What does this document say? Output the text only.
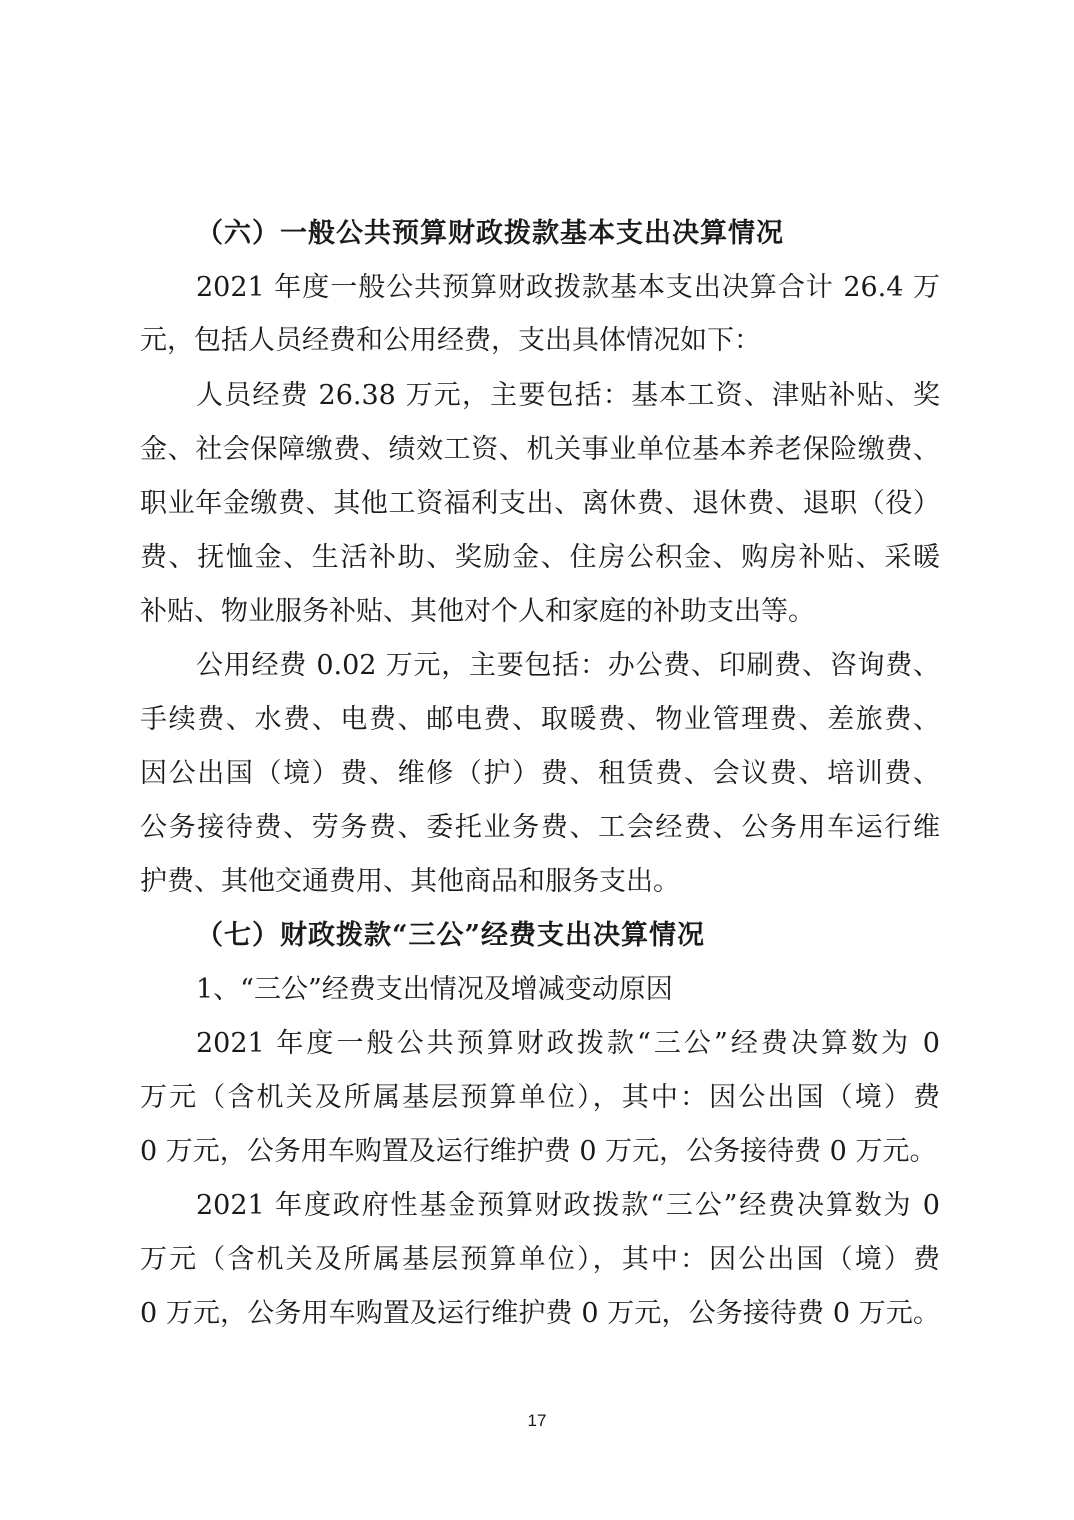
（六）一般公共预算财政拨款基本支出决算情况
2021 年度一般公共预算财政拨款基本支出决算合计 26.4 万
元，包括人员经费和公用经费，支出具体情况如下：
人员经费 26.38 万元，主要包括：基本工资、津贴补贴、奖
金、社会保障缴费、绩效工资、机关事业单位基本养老保险缴费、
职业年金缴费、其他工资福利支出、离休费、退休费、退职（役）
费、抚恤金、生活补助、奖励金、住房公积金、购房补贴、采暖
补贴、物业服务补贴、其他对个人和家庭的补助支出等。
公用经费 0.02 万元，主要包括：办公费、印刷费、咨询费、
手续费、水费、电费、邮电费、取暖费、物业管理费、差旅费、
因公出国（境）费、维修（护）费、租赁费、会议费、培训费、
公务接待费、劳务费、委托业务费、工会经费、公务用车运行维
护费、其他交通费用、其他商品和服务支出。
（七）财政拨款“三公”经费支出决算情况
1、“三公”经费支出情况及增减变动原因
2021 年度一般公共预算财政拨款“三公”经费决算数为 0
万元（含机关及所属基层预算单位），其中：因公出国（境）费
0 万元，公务用车购置及运行维护费 0 万元，公务接待费 0 万元。
2021 年度政府性基金预算财政拨款“三公”经费决算数为 0
万元（含机关及所属基层预算单位），其中：因公出国（境）费
0 万元，公务用车购置及运行维护费 0 万元，公务接待费 0 万元。
17
